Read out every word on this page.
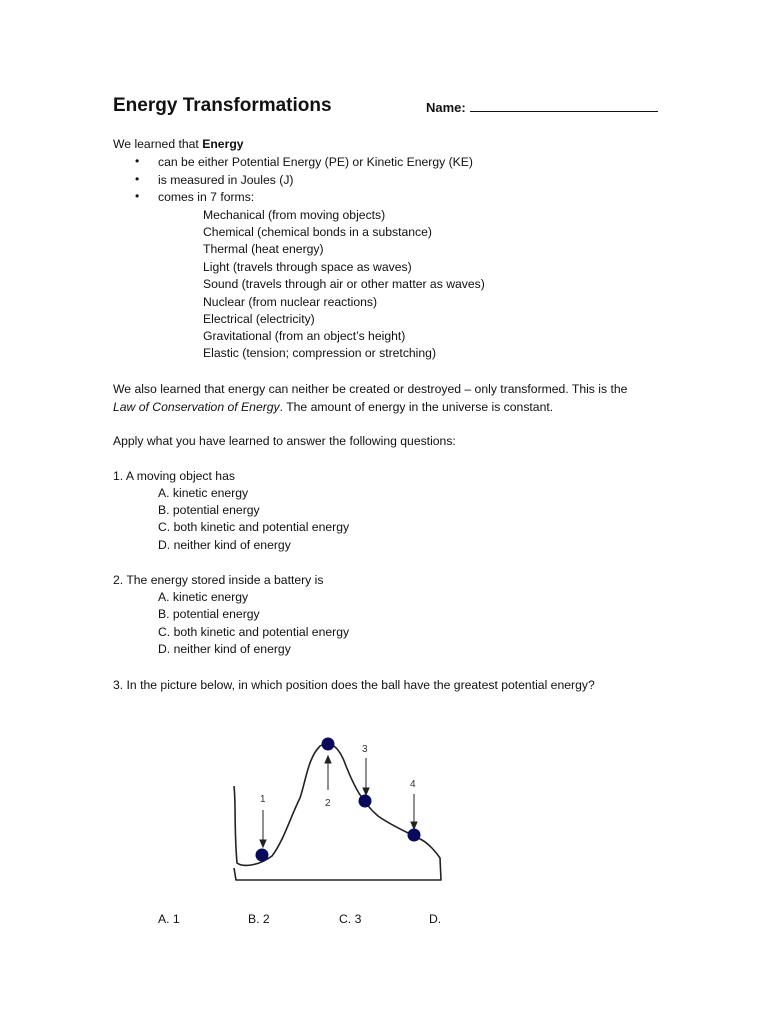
Energy Transformations	Name:
We learned that Energy
• can be either Potential Energy (PE) or Kinetic Energy (KE)
• is measured in Joules (J)
• comes in 7 forms:
Mechanical (from moving objects)
Chemical (chemical bonds in a substance)
Thermal (heat energy)
Light (travels through space as waves)
Sound (travels through air or other matter as waves)
Nuclear (from nuclear reactions)
Electrical (electricity)
Gravitational (from an object’s height)
Elastic (tension; compression or stretching)
We also learned that energy can neither be created or destroyed – only transformed. This is the
Law of Conservation of Energy. The amount of energy in the universe is constant.
Apply what you have learned to answer the following questions:
1. A moving object has
A. kinetic energy
B. potential energy
C. both kinetic and potential energy
D. neither kind of energy
2. The energy stored inside a battery is
A. kinetic energy
B. potential energy
C. both kinetic and potential energy
D. neither kind of energy
3. In the picture below, in which position does the ball have the greatest potential energy?
1	2
3
4
A. 1	B. 2	C. 3	D.
